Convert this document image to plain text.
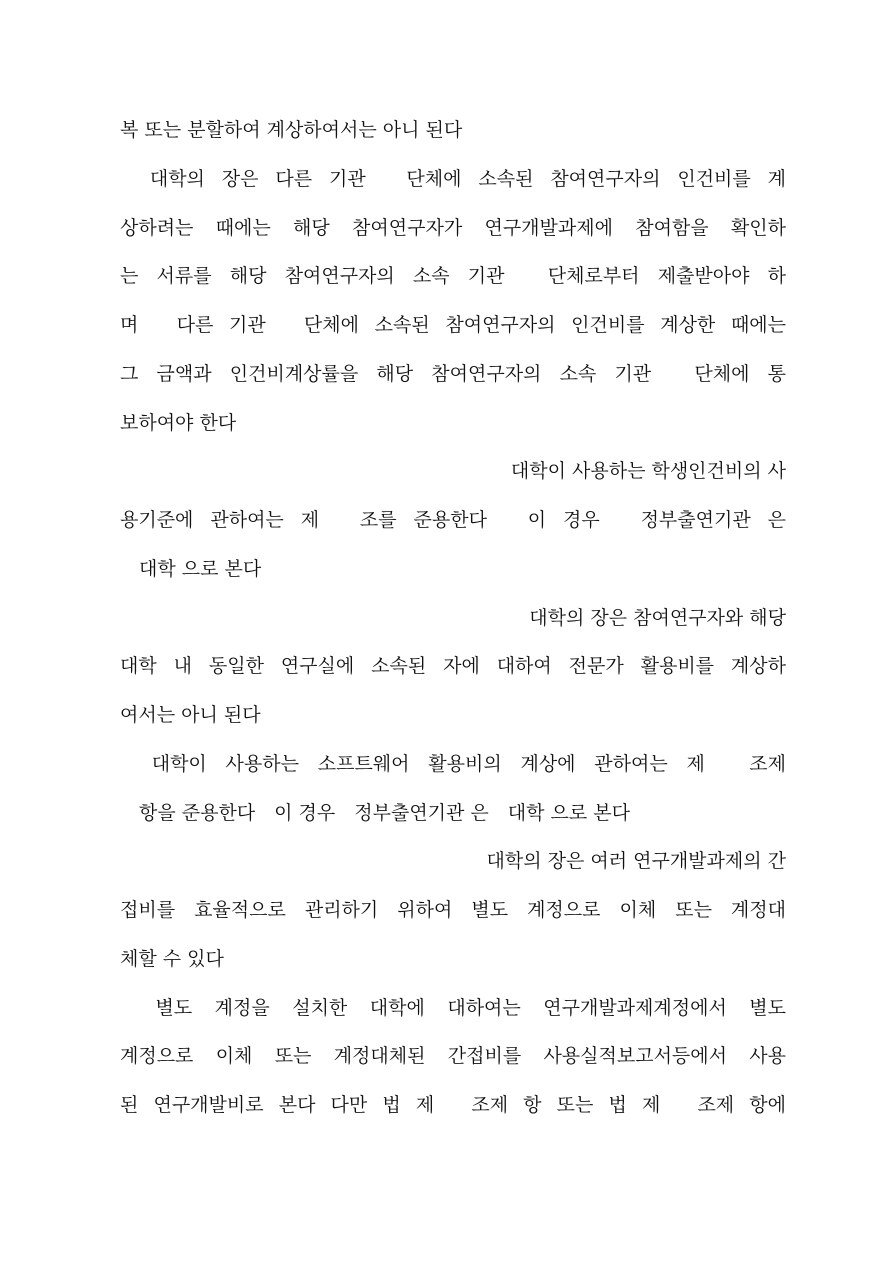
복 또는 분할하여 계상하여서는 아니 된다
　대학의 장은 다른 기관　단체에 소속된 참여연구자의 인건비를 계
상하려는 때에는 해당 참여연구자가 연구개발과제에 참여함을 확인하
는 서류를 해당 참여연구자의 소속 기관　단체로부터 제출받아야 하
며　다른 기관　단체에 소속된 참여연구자의 인건비를 계상한 때에는
그 금액과 인건비계상률을 해당 참여연구자의 소속 기관　단체에 통
보하여야 한다
대학이 사용하는 학생인건비의 사
용기준에 관하여는 제　조를 준용한다　이 경우　정부출연기관 은
　대학 으로 본다
대학의 장은 참여연구자와 해당
대학 내 동일한 연구실에 소속된 자에 대하여 전문가 활용비를 계상하
여서는 아니 된다
　대학이 사용하는 소프트웨어 활용비의 계상에 관하여는 제　조제
　항을 준용한다　이 경우　정부출연기관 은　대학 으로 본다
대학의 장은 여러 연구개발과제의 간
접비를 효율적으로 관리하기 위하여 별도 계정으로 이체 또는 계정대
체할 수 있다
　별도 계정을 설치한 대학에 대하여는 연구개발과제계정에서 별도
계정으로 이체 또는 계정대체된 간접비를 사용실적보고서등에서 사용
된 연구개발비로 본다 다만 법 제　조제 항 또는 법 제　조제 항에
